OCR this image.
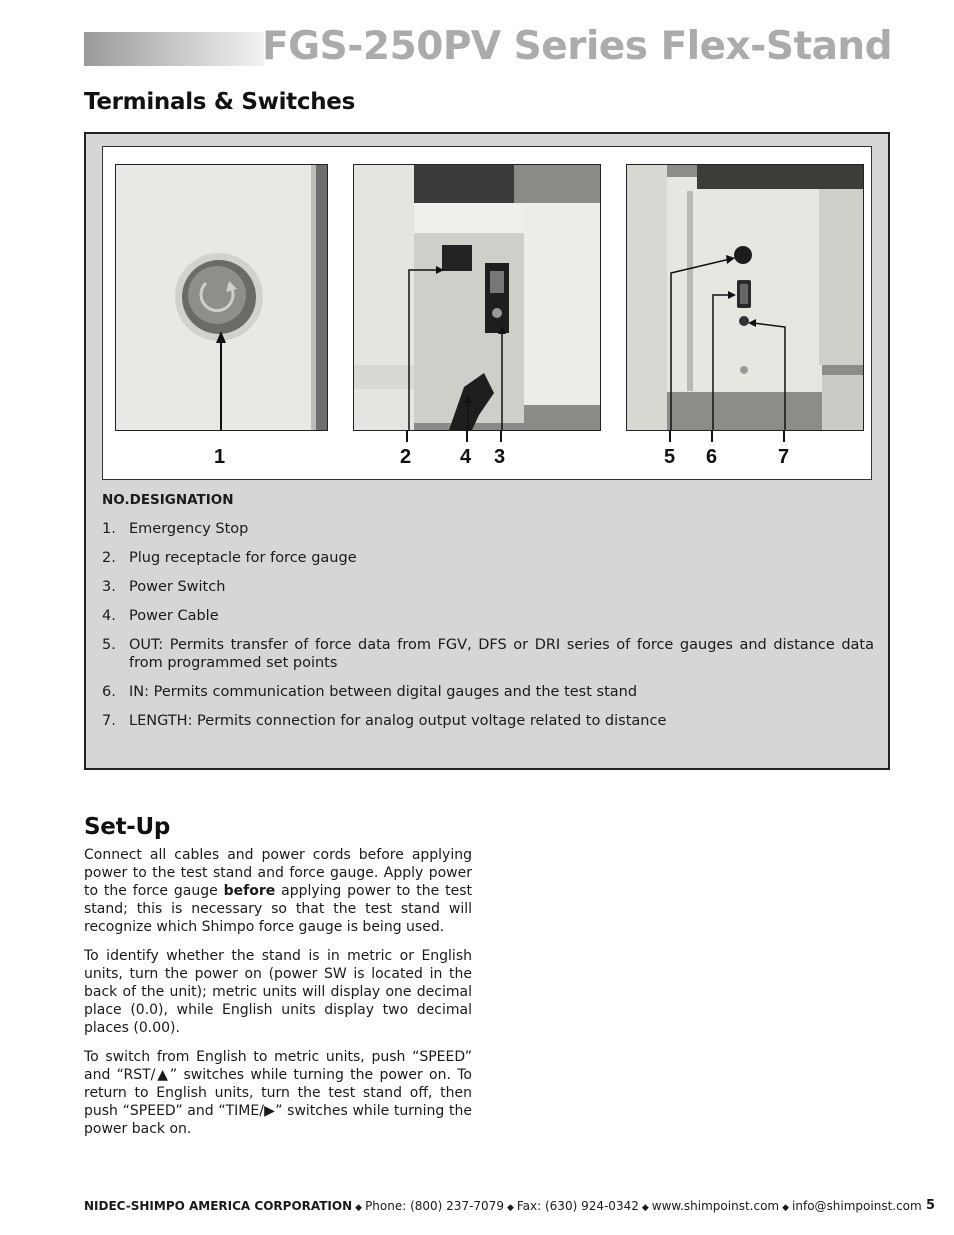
FGS-250PV Series Flex-Stand
Terminals & Switches
1	2 4 3	5 6	7
NO.DESIGNATION
1. Emergency Stop
2. Plug receptacle for force gauge
3. Power Switch
4. Power Cable
5. OUT: Permits transfer of force data from FGV, DFS or DRI series of force gauges and distance data from programmed set points
6. IN: Permits communication between digital gauges and the test stand
7. LENGTH: Permits connection for analog output voltage related to distance
Set-Up

Connect all cables and power cords before applying power to the test stand and force gauge. Apply power to the force gauge before applying power to the test stand; this is necessary so that the test stand will recognize which Shimpo force gauge is being used.

To identify whether the stand is in metric or English units, turn the power on (power SW is located in the back of the unit); metric units will display one decimal place (0.0), while English units display two decimal places (0.00).

To switch from English to metric units, push “SPEED” and “RST/▲” switches while turning the power on. To return to English units, turn the test stand off, then push “SPEED” and “TIME/▶” switches while turning the power back on.

NIDEC-SHIMPO AMERICA CORPORATION ◆ Phone: (800) 237-7079 ◆ Fax: (630) 924-0342 ◆ www.shimpoinst.com ◆ info@shimpoinst.com 5
